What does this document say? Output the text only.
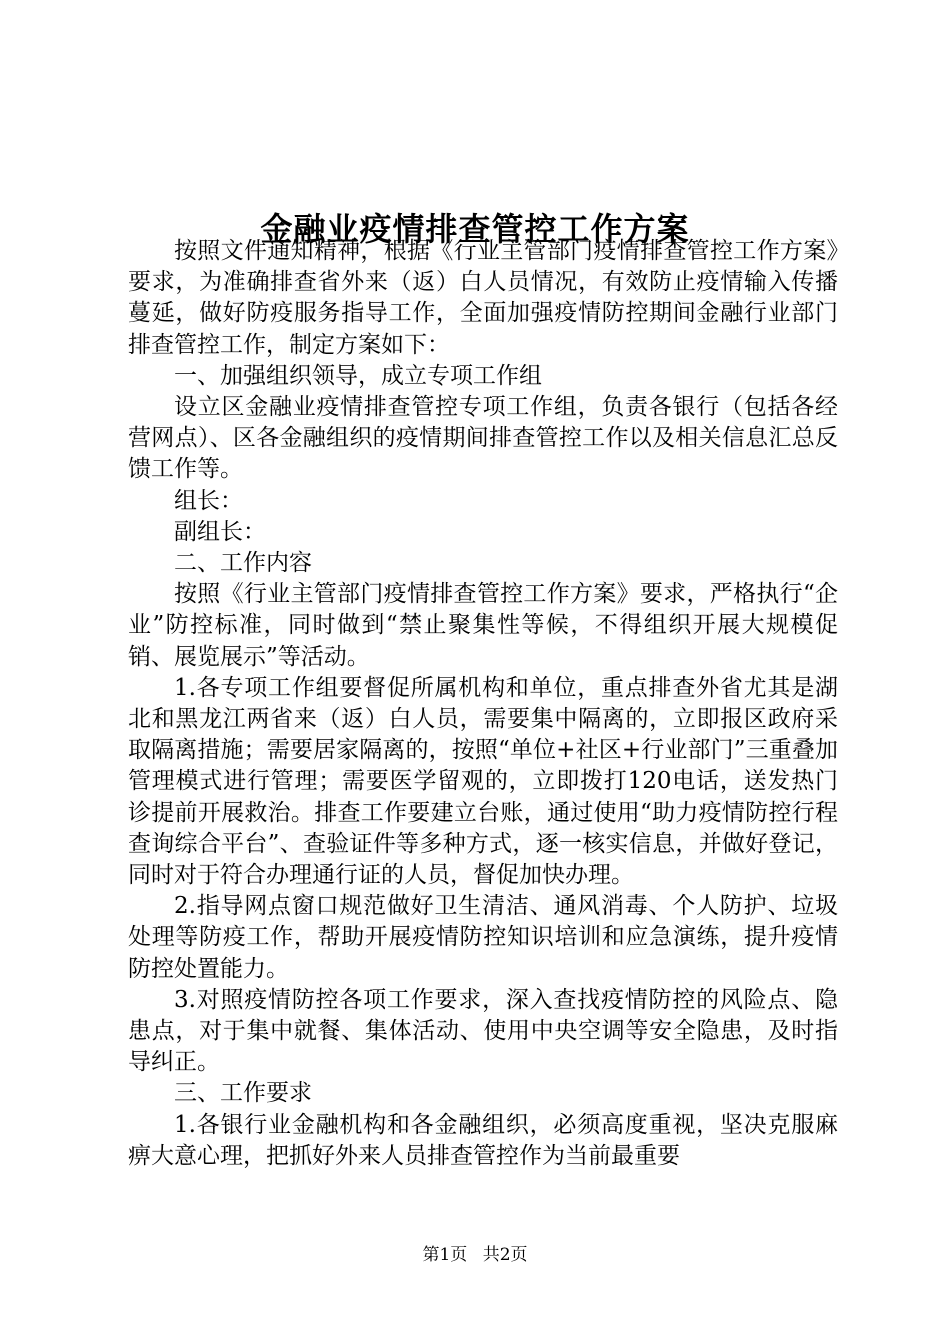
金融业疫情排查管控工作方案

按照文件通知精神，根据《行业主管部门疫情排查管控工作方案》要求，为准确排查省外来（返）白人员情况，有效防止疫情输入传播蔓延，做好防疫服务指导工作，全面加强疫情防控期间金融行业部门排查管控工作，制定方案如下：

一、加强组织领导，成立专项工作组

设立区金融业疫情排查管控专项工作组，负责各银行（包括各经营网点）、区各金融组织的疫情期间排查管控工作以及相关信息汇总反馈工作等。

组长：

副组长：

二、工作内容

按照《行业主管部门疫情排查管控工作方案》要求，严格执行“企业”防控标准，同时做到“禁止聚集性等候，不得组织开展大规模促销、展览展示”等活动。

1.各专项工作组要督促所属机构和单位，重点排查外省尤其是湖北和黑龙江两省来（返）白人员，需要集中隔离的，立即报区政府采取隔离措施；需要居家隔离的，按照“单位+社区+行业部门”三重叠加管理模式进行管理；需要医学留观的，立即拨打120电话，送发热门诊提前开展救治。排查工作要建立台账，通过使用“助力疫情防控行程查询综合平台”、查验证件等多种方式，逐一核实信息，并做好登记，同时对于符合办理通行证的人员，督促加快办理。

2.指导网点窗口规范做好卫生清洁、通风消毒、个人防护、垃圾处理等防疫工作，帮助开展疫情防控知识培训和应急演练，提升疫情防控处置能力。

3.对照疫情防控各项工作要求，深入查找疫情防控的风险点、隐患点，对于集中就餐、集体活动、使用中央空调等安全隐患，及时指导纠正。

三、工作要求

1.各银行业金融机构和各金融组织，必须高度重视，坚决克服麻痹大意心理，把抓好外来人员排查管控作为当前最重要

第1页 共2页
